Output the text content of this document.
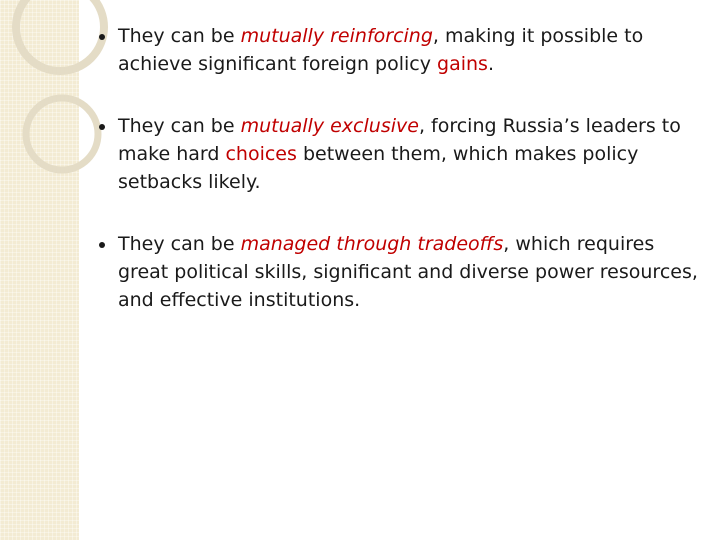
They can be mutually reinforcing, making it possible to achieve significant foreign policy gains.
They can be mutually exclusive, forcing Russia’s leaders to make hard choices between them, which makes policy setbacks likely.
They can be managed through tradeoffs, which requires great political skills, significant and diverse power resources, and effective institutions.
